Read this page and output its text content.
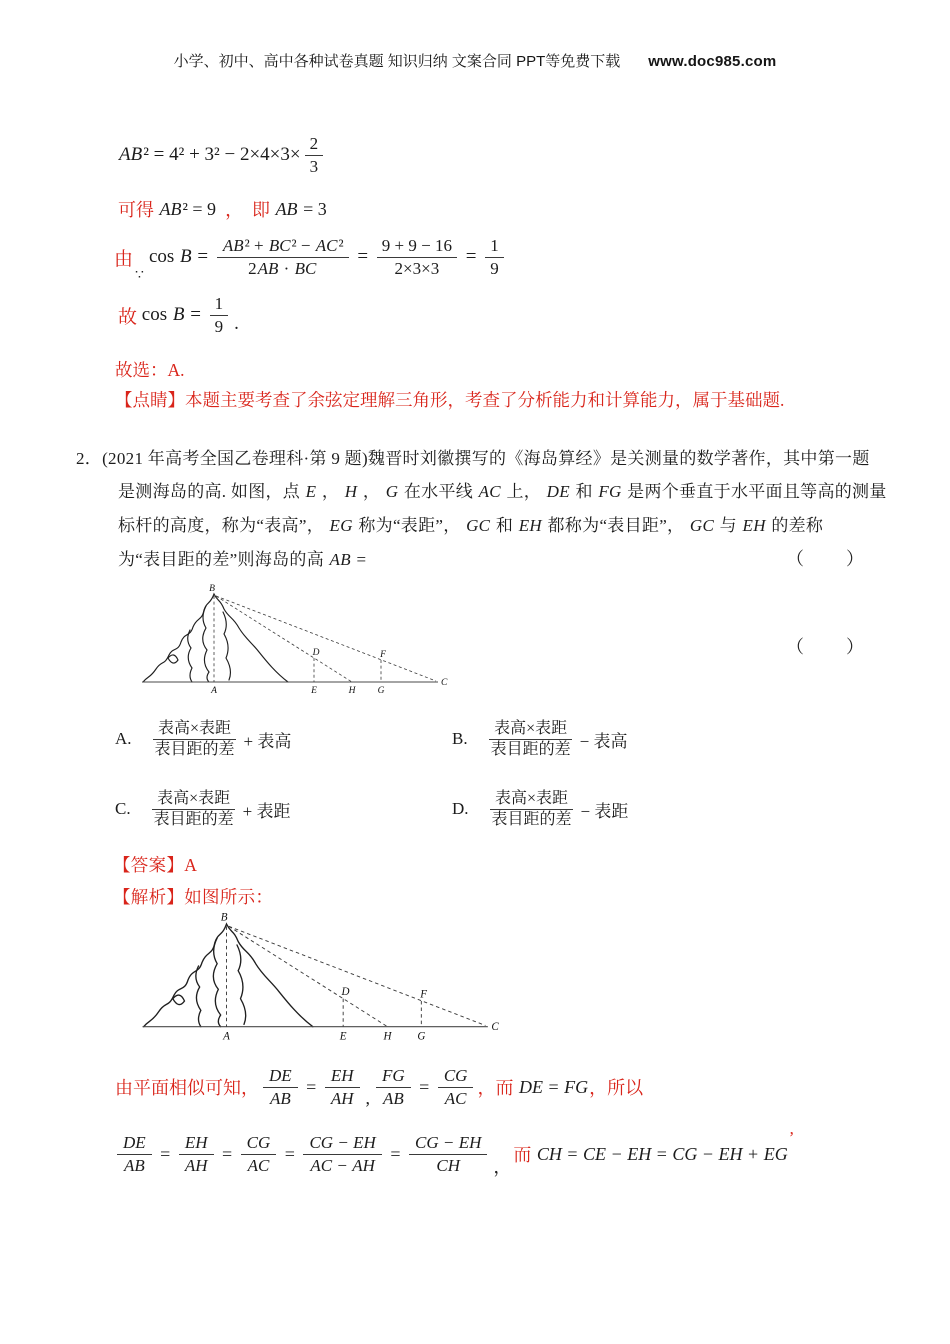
小学、初中、高中各种试卷真题 知识归纳 文案合同 PPT等免费下载 www.doc985.com
AB $^2 = 4^2 + 3^2 - 2\times 4\times 3\times \frac{2}{3}$
可得 AB ² = 9 ，  即 AB = 3
由
∵
$\cos B = \frac{\text{AB² + BC² − AC²}}{2AB \cdot BC} = \frac{9 + 9 - 16}{2\times 3\times 3} = \frac{1}{9}$
故 $\cos B = \frac{1}{9}$ .
故选：A.
【点睛】本题主要考查了余弦定理解三角形，考查了分析能力和计算能力，属于基础题.
2．(2021 年高考全国乙卷理科·第 9 题)魏晋时刘徽撰写的《海岛算经》是关测量的数学著作，其中第一题
是测海岛的高. 如图，点 E ， H ， G 在水平线 AC 上， DE 和 FG 是两个垂直于水平面且等高的测量
标杆的高度，称为“表高”， EG 称为“表距”， GC 和 EH 都称为“表目距”， GC 与 EH 的差称
为“表目距的差”则海岛的高 AB =	（　　）
（　　）
B
A	E	H G
C
D	F
A. $\frac{\text{表高×表距}}{\text{表目距的差}}$ + 表高	B. $\frac{\text{表高×表距}}{\text{表目距的差}}$ − 表高
C. $\frac{\text{表高×表距}}{\text{表目距的差}}$ + 表距	D. $\frac{\text{表高×表距}}{\text{表目距的差}}$ − 表距
【答案】A
【解析】如图所示：
B
A	E	H	G
C
D	F
由平面相似可知， $\frac{DE}{AB} = \frac{EH}{AH}$ , $\frac{FG}{AB} = \frac{CG}{AC}$ ，而 DE = FG ，所以
$\frac{DE}{AB} = \frac{EH}{AH} = \frac{CG}{AC} = \frac{CG - EH}{AC - AH} = \frac{CG - EH}{CH}$ ，
而
CH = CE − EH = CG − EH + EG
’
